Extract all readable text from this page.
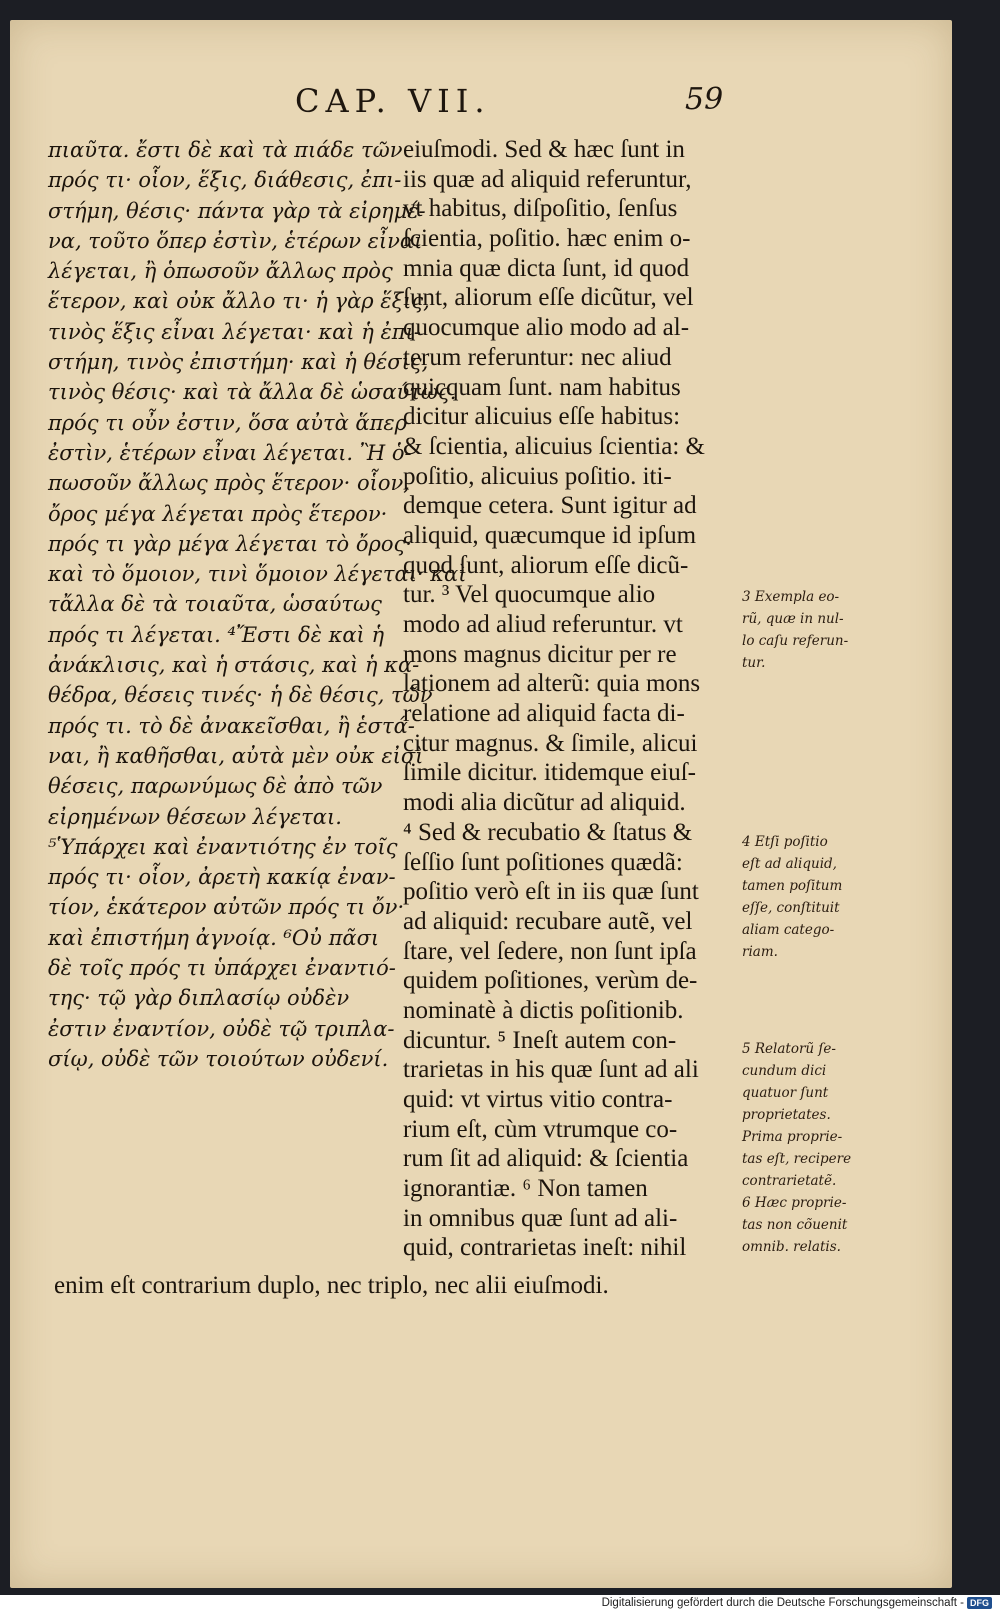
CAP. VII.	59
πιαῦτα. ἔστι δὲ καὶ τὰ πιάδε τῶν
πρός τι· οἷον, ἕξις, διάθεσις, ἐπι-
στήμη, θέσις· πάντα γὰρ τὰ εἰρημέ-
να, τοῦτο ὅπερ ἐστὶν, ἑτέρων εἶναι
λέγεται, ἢ ὁπωσοῦν ἄλλως πρὸς
ἕτερον, καὶ οὐκ ἄλλο τι· ἡ γὰρ ἕξις,
τινὸς ἕξις εἶναι λέγεται· καὶ ἡ ἐπι-
στήμη, τινὸς ἐπιστήμη· καὶ ἡ θέσις,
τινὸς θέσις· καὶ τὰ ἄλλα δὲ ὡσαύτως.
πρός τι οὖν ἐστιν, ὅσα αὐτὰ ἅπερ
ἐστὶν, ἑτέρων εἶναι λέγεται. Ἢ ὁ-
πωσοῦν ἄλλως πρὸς ἕτερον· οἷον,
ὄρος μέγα λέγεται πρὸς ἕτερον·
πρός τι γὰρ μέγα λέγεται τὸ ὄρος·
καὶ τὸ ὅμοιον, τινὶ ὅμοιον λέγεται· καὶ
τἄλλα δὲ τὰ τοιαῦτα, ὡσαύτως
πρός τι λέγεται. ⁴Ἔστι δὲ καὶ ἡ
ἀνάκλισις, καὶ ἡ στάσις, καὶ ἡ κα-
θέδρα, θέσεις τινές· ἡ δὲ θέσις, τῶν
πρός τι. τὸ δὲ ἀνακεῖσθαι, ἢ ἑστά-
ναι, ἢ καθῆσθαι, αὐτὰ μὲν οὐκ εἰσὶ
θέσεις, παρωνύμως δὲ ἀπὸ τῶν
εἰρημένων θέσεων λέγεται.
⁵Ὑπάρχει καὶ ἐναντιότης ἐν τοῖς
πρός τι· οἷον, ἀρετὴ κακίᾳ ἐναν-
τίον, ἑκάτερον αὐτῶν πρός τι ὄν·
καὶ ἐπιστήμη ἀγνοίᾳ. ⁶Οὐ πᾶσι
δὲ τοῖς πρός τι ὑπάρχει ἐναντιό-
της· τῷ γὰρ διπλασίῳ οὐδὲν
ἐστιν ἐναντίον, οὐδὲ τῷ τριπλα-
σίῳ, οὐδὲ τῶν τοιούτων οὐδενί.
eiuſmodi. Sed & hæc ſunt in
iis quæ ad aliquid referuntur,
vt habitus, diſpoſitio, ſenſus
ſcientia, poſitio. hæc enim o-
mnia quæ dicta ſunt, id quod
ſunt, aliorum eſſe dicũtur, vel
quocumque alio modo ad al-
terum referuntur: nec aliud
quicquam ſunt. nam habitus
dicitur alicuius eſſe habitus:
& ſcientia, alicuius ſcientia: &
poſitio, alicuius poſitio. iti-
demque cetera. Sunt igitur ad
aliquid, quæcumque id ipſum
quod ſunt, aliorum eſſe dicũ-
tur. ³ Vel quocumque alio
modo ad aliud referuntur. vt
mons magnus dicitur per re
lationem ad alterũ: quia mons
relatione ad aliquid facta di-
citur magnus. & ſimile, alicui
ſimile dicitur. itidemque eiuſ-
modi alia dicũtur ad aliquid.
⁴ Sed & recubatio & ſtatus &
ſeſſio ſunt poſitiones quædã:
poſitio verò eſt in iis quæ ſunt
ad aliquid: recubare autẽ, vel
ſtare, vel ſedere, non ſunt ipſa
quidem poſitiones, verùm de-
nominatè à dictis poſitionib.
dicuntur. ⁵ Ineſt autem con-
trarietas in his quæ ſunt ad ali
quid: vt virtus vitio contra-
rium eſt, cùm vtrumque co-
rum ſit ad aliquid: & ſcientia
ignorantiæ. ⁶ Non tamen
in omnibus quæ ſunt ad ali-
quid, contrarietas ineſt: nihil
enim eſt contrarium duplo, nec triplo, nec alii eiuſmodi.
3 Exempla eo-
rũ, quæ in nul-
lo caſu referun-
tur.
4 Etſi poſitio
eſt ad aliquid,
tamen poſitum
eſſe, conſtituit
aliam catego-
riam.
5 Relatorũ ſe-
cundum dici
quatuor ſunt
proprietates.
Prima proprie-
tas eſt, recipere
contrarietatẽ.
6 Hæc proprie-
tas non cõuenit
omnib. relatis.
Digitalisierung gefördert durch die Deutsche Forschungsgemeinschaft - DFG
